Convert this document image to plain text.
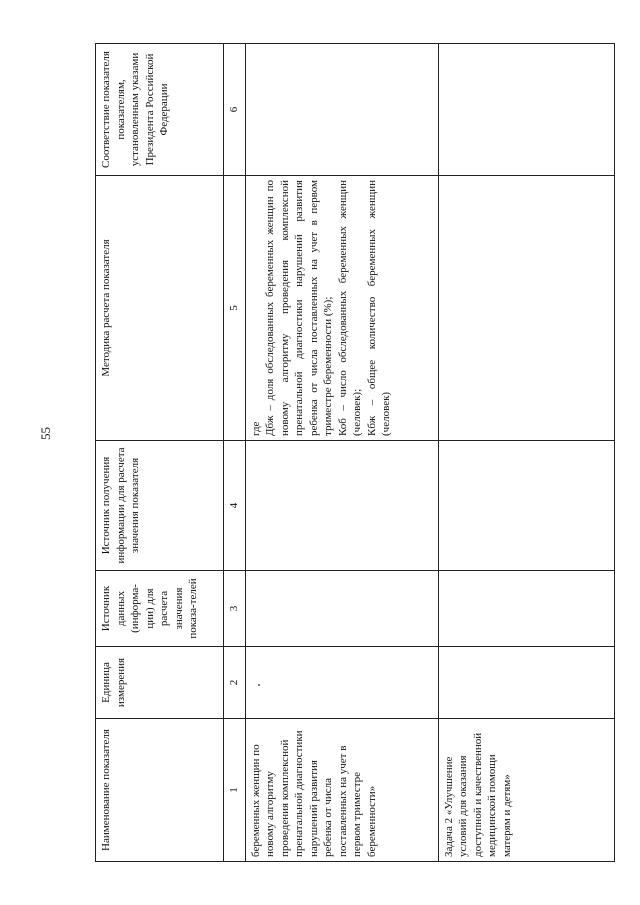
55
Наименование показателя	Единица измерения	Источник данных (информа-ции) для расчета значения показа-телей	Источник получения информации для расчета значения показателя	Методика расчета показателя	Соответствие показателя показателям, установленным указами Президента Российской Федерации
1	2	3	4	5	6
беременных женщин по новому алгоритму проведения комплексной пренатальной диагностики нарушений развития ребенка от числа поставленных на учет в первом триместре беременности»				где Дбж – доля обследованных беременных женщин по новому алгоритму проведения комплексной пренатальной диагностики нарушений развития ребенка от числа поставленных на учет в первом триместре беременности (%); Коб – число обследованных беременных женщин (человек); Кбж – общее количество беременных женщин (человек)	

Задача 2 «Улучшение условий для оказания доступной и качественной медицинской помощи матерям и детям»					
